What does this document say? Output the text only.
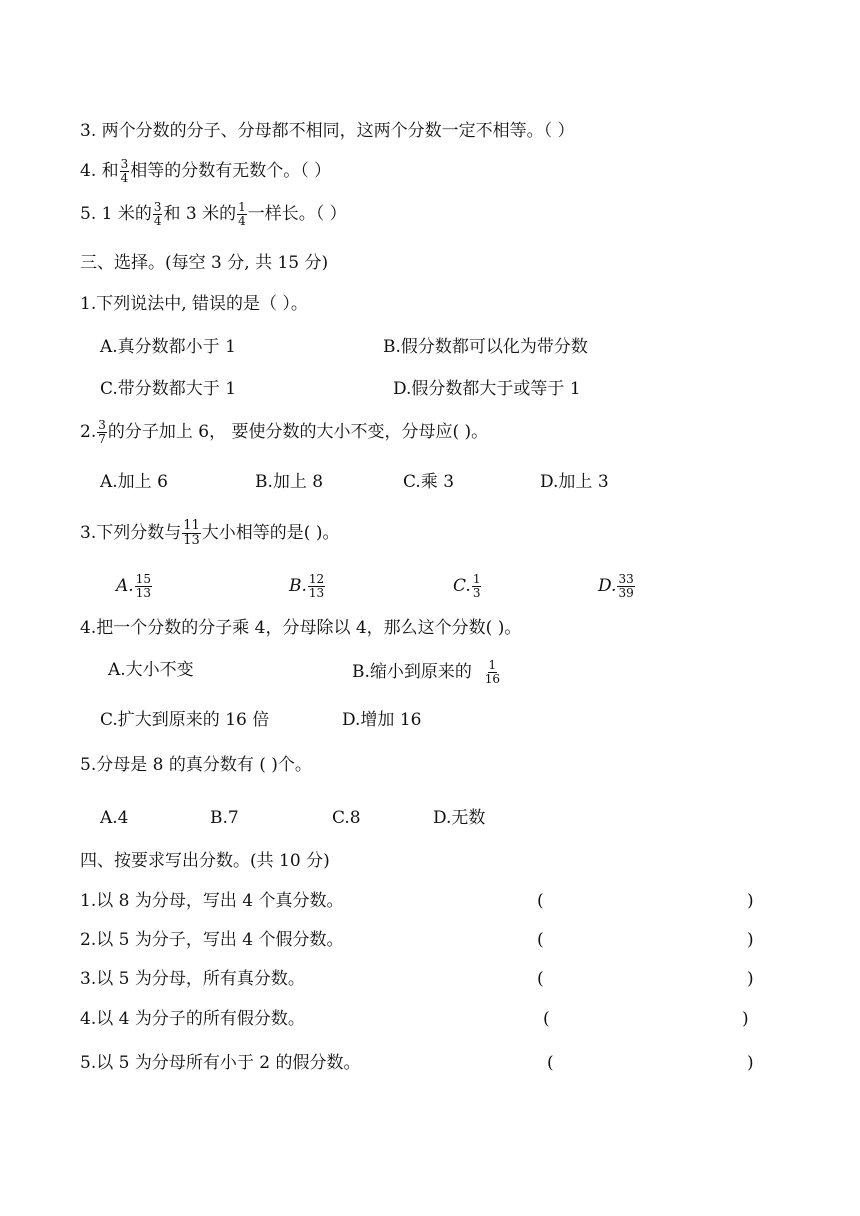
3. 两个分数的分子、分母都不相同，这两个分数一定不相等。（ ）
4. 和 $\frac{3}{4}$ 相等的分数有无数个。（ ）
5. 1 米的 $\frac{3}{4}$ 和 3 米的 $\frac{1}{4}$ 一样长。（ ）
三、选择。(每空 3 分, 共 15 分)
1.下列说法中, 错误的是（ ）。
A.真分数都小于 1	B.假分数都可以化为带分数
C.带分数都大于 1	D.假分数都大于或等于 1
2. $\frac{3}{7}$ 的分子加上 6， 要使分数的大小不变，分母应( )。
A.加上 6	B.加上 8	C.乘 3	D.加上 3
3.下列分数与 $\frac{11}{13}$ 大小相等的是( )。
A. $\frac{15}{13}$	B. $\frac{12}{13}$	C. $\frac{1}{3}$	D. $\frac{33}{39}$
4.把一个分数的分子乘 4，分母除以 4，那么这个分数( )。
A.大小不变	B.缩小到原来的 $\frac{1}{16}$
C.扩大到原来的 16 倍	D.增加 16
5.分母是 8 的真分数有 ( )个。
A.4	B.7	C.8	D.无数
四、按要求写出分数。(共 10 分)
1.以 8 为分母，写出 4 个真分数。	(	)
2.以 5 为分子，写出 4 个假分数。	(	)
3.以 5 为分母，所有真分数。	(	)
4.以 4 为分子的所有假分数。	(	)
5.以 5 为分母所有小于 2 的假分数。	(	)
